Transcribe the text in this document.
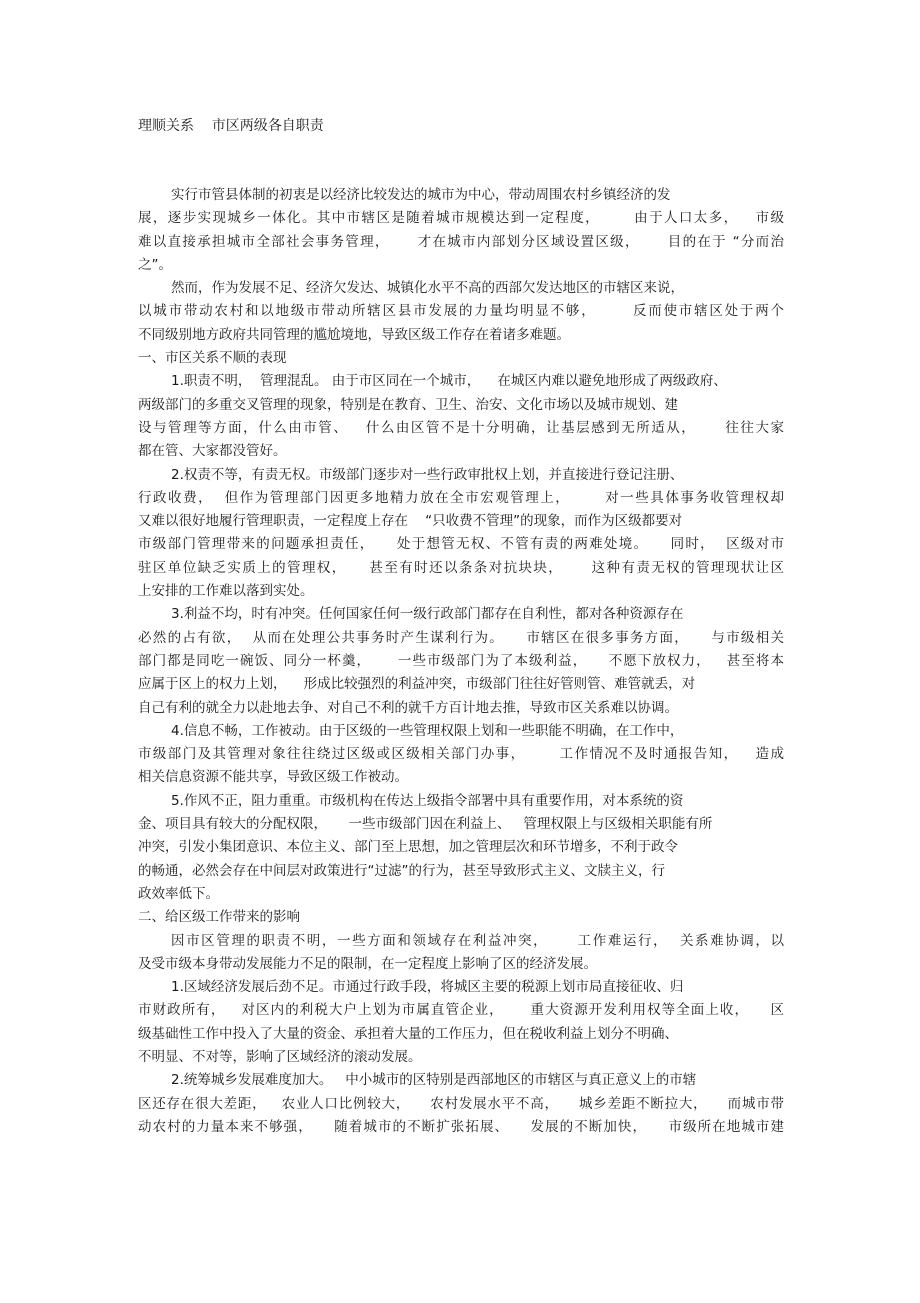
理顺关系    市区两级各自职责
实行市管县体制的初衷是以经济比较发达的城市为中心，带动周围农村乡镇经济的发
展，逐步实现城乡一体化。其中市辖区是随着城市规模达到一定程度，      由于人口太多，   市级
难以直接承担城市全部社会事务管理，     才在城市内部划分区域设置区级，     目的在于 “分而治
之”。
然而，作为发展不足、经济欠发达、城镇化水平不高的西部欠发达地区的市辖区来说，
以城市带动农村和以地级市带动所辖区县市发展的力量均明显不够，      反而使市辖区处于两个
不同级别地方政府共同管理的尴尬境地，导致区级工作存在着诸多难题。
一、市区关系不顺的表现
1.职责不明，  管理混乱。 由于市区同在一个城市，    在城区内难以避免地形成了两级政府、
两级部门的多重交叉管理的现象，特别是在教育、卫生、治安、文化市场以及城市规划、建
设与管理等方面，什么由市管、   什么由区管不是十分明确，让基层感到无所适从，     往往大家
都在管、大家都没管好。
2.权责不等，有责无权。市级部门逐步对一些行政审批权上划，并直接进行登记注册、
行政收费，  但作为管理部门因更多地精力放在全市宏观管理上，      对一些具体事务收管理权却
又难以很好地履行管理职责，一定程度上存在    “只收费不管理”的现象，而作为区级都要对
市级部门管理带来的问题承担责任，    处于想管无权、不管有责的两难处境。    同时，  区级对市
驻区单位缺乏实质上的管理权，    甚至有时还以条条对抗块块，     这种有责无权的管理现状让区
上安排的工作难以落到实处。
3.利益不均，时有冲突。任何国家任何一级行政部门都存在自利性，都对各种资源存在
必然的占有欲，  从而在处理公共事务时产生谋利行为。    市辖区在很多事务方面，    与市级相关
部门都是同吃一碗饭、同分一杯羹，     一些市级部门为了本级利益，    不愿下放权力，   甚至将本
应属于区上的权力上划，    形成比较强烈的利益冲突，市级部门往往好管则管、难管就丢，对
自己有利的就全力以赴地去争、对自己不利的就千方百计地去推，导致市区关系难以协调。
4.信息不畅，工作被动。由于区级的一些管理权限上划和一些职能不明确，在工作中，
市级部门及其管理对象往往绕过区级或区级相关部门办事，      工作情况不及时通报告知，   造成
相关信息资源不能共享，导致区级工作被动。
5.作风不正，阻力重重。市级机构在传达上级指令部署中具有重要作用，对本系统的资
金、项目具有较大的分配权限，     一些市级部门因在利益上、   管理权限上与区级相关职能有所
冲突，引发小集团意识、本位主义、部门至上思想，加之管理层次和环节增多，不利于政令
的畅通，必然会存在中间层对政策进行“过滤”的行为，甚至导致形式主义、文牍主义，行
政效率低下。
二、给区级工作带来的影响
因市区管理的职责不明，一些方面和领域存在利益冲突，     工作难运行，  关系难协调，以
及受市级本身带动发展能力不足的限制，在一定程度上影响了区的经济发展。
1.区域经济发展后劲不足。市通过行政手段，将城区主要的税源上划市局直接征收、归
市财政所有，   对区内的利税大户上划为市属直管企业，     重大资源开发利用权等全面上收，    区
级基础性工作中投入了大量的资金、承担着大量的工作压力，但在税收利益上划分不明确、
不明显、不对等，影响了区域经济的滚动发展。
2.统筹城乡发展难度加大。   中小城市的区特别是西部地区的市辖区与真正意义上的市辖
区还存在很大差距，   农业人口比例较大，    农村发展水平不高，    城乡差距不断拉大，    而城市带
动农村的力量本来不够强，    随着城市的不断扩张拓展、    发展的不断加快，    市级所在地城市建
